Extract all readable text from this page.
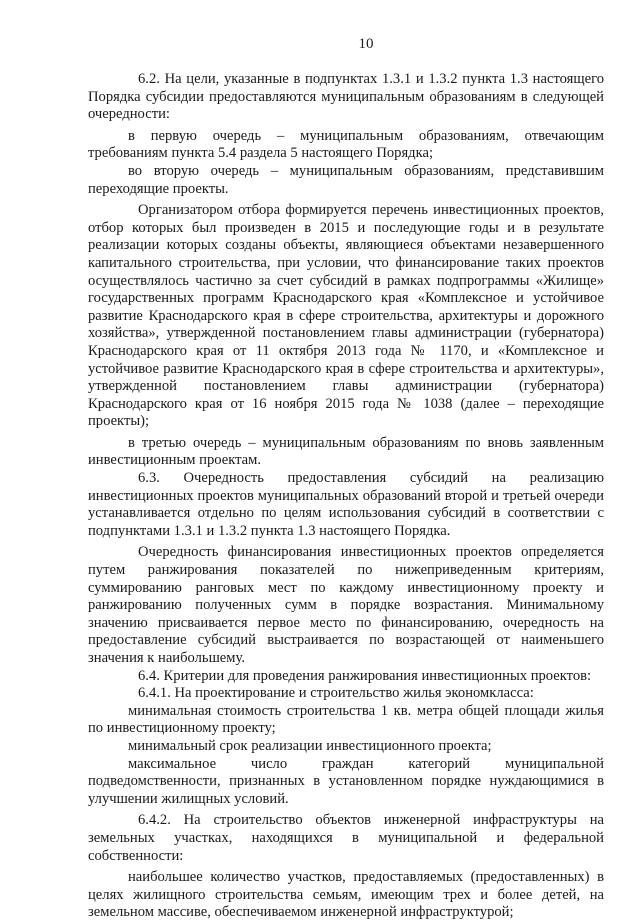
10

6.2. На цели, указанные в подпунктах 1.3.1 и 1.3.2 пункта 1.3 настоящего Порядка субсидии предоставляются муниципальным образованиям в следующей очередности:

в первую очередь – муниципальным образованиям, отвечающим требованиям пункта 5.4 раздела 5 настоящего Порядка;

во вторую очередь – муниципальным образованиям, представившим переходящие проекты.

Организатором отбора формируется перечень инвестиционных проектов, отбор которых был произведен в 2015 и последующие годы и в результате реализации которых созданы объекты, являющиеся объектами незавершенного капитального строительства, при условии, что финансирование таких проектов осуществлялось частично за счет субсидий в рамках подпрограммы «Жилище» государственных программ Краснодарского края «Комплексное и устойчивое развитие Краснодарского края в сфере строительства, архитектуры и дорожного хозяйства», утвержденной постановлением главы администрации (губернатора) Краснодарского края от 11 октября 2013 года № 1170, и «Комплексное и устойчивое развитие Краснодарского края в сфере строительства и архитектуры», утвержденной постановлением главы администрации (губернатора) Краснодарского края от 16 ноября 2015 года № 1038 (далее – переходящие проекты);

в третью очередь – муниципальным образованиям по вновь заявленным инвестиционным проектам.

6.3. Очередность предоставления субсидий на реализацию инвестиционных проектов муниципальных образований второй и третьей очереди устанавливается отдельно по целям использования субсидий в соответствии с подпунктами 1.3.1 и 1.3.2 пункта 1.3 настоящего Порядка.

Очередность финансирования инвестиционных проектов определяется путем ранжирования показателей по нижеприведенным критериям, суммированию ранговых мест по каждому инвестиционному проекту и ранжированию полученных сумм в порядке возрастания. Минимальному значению присваивается первое место по финансированию, очередность на предоставление субсидий выстраивается по возрастающей от наименьшего значения к наибольшему.

6.4. Критерии для проведения ранжирования инвестиционных проектов:

6.4.1. На проектирование и строительство жилья экономкласса:

минимальная стоимость строительства 1 кв. метра общей площади жилья по инвестиционному проекту;

минимальный срок реализации инвестиционного проекта;

максимальное число граждан категорий муниципальной подведомственности, признанных в установленном порядке нуждающимися в улучшении жилищных условий.

6.4.2. На строительство объектов инженерной инфраструктуры на земельных участках, находящихся в муниципальной и федеральной собственности:

наибольшее количество участков, предоставляемых (предоставленных) в целях жилищного строительства семьям, имеющим трех и более детей, на земельном массиве, обеспечиваемом инженерной инфраструктурой;
